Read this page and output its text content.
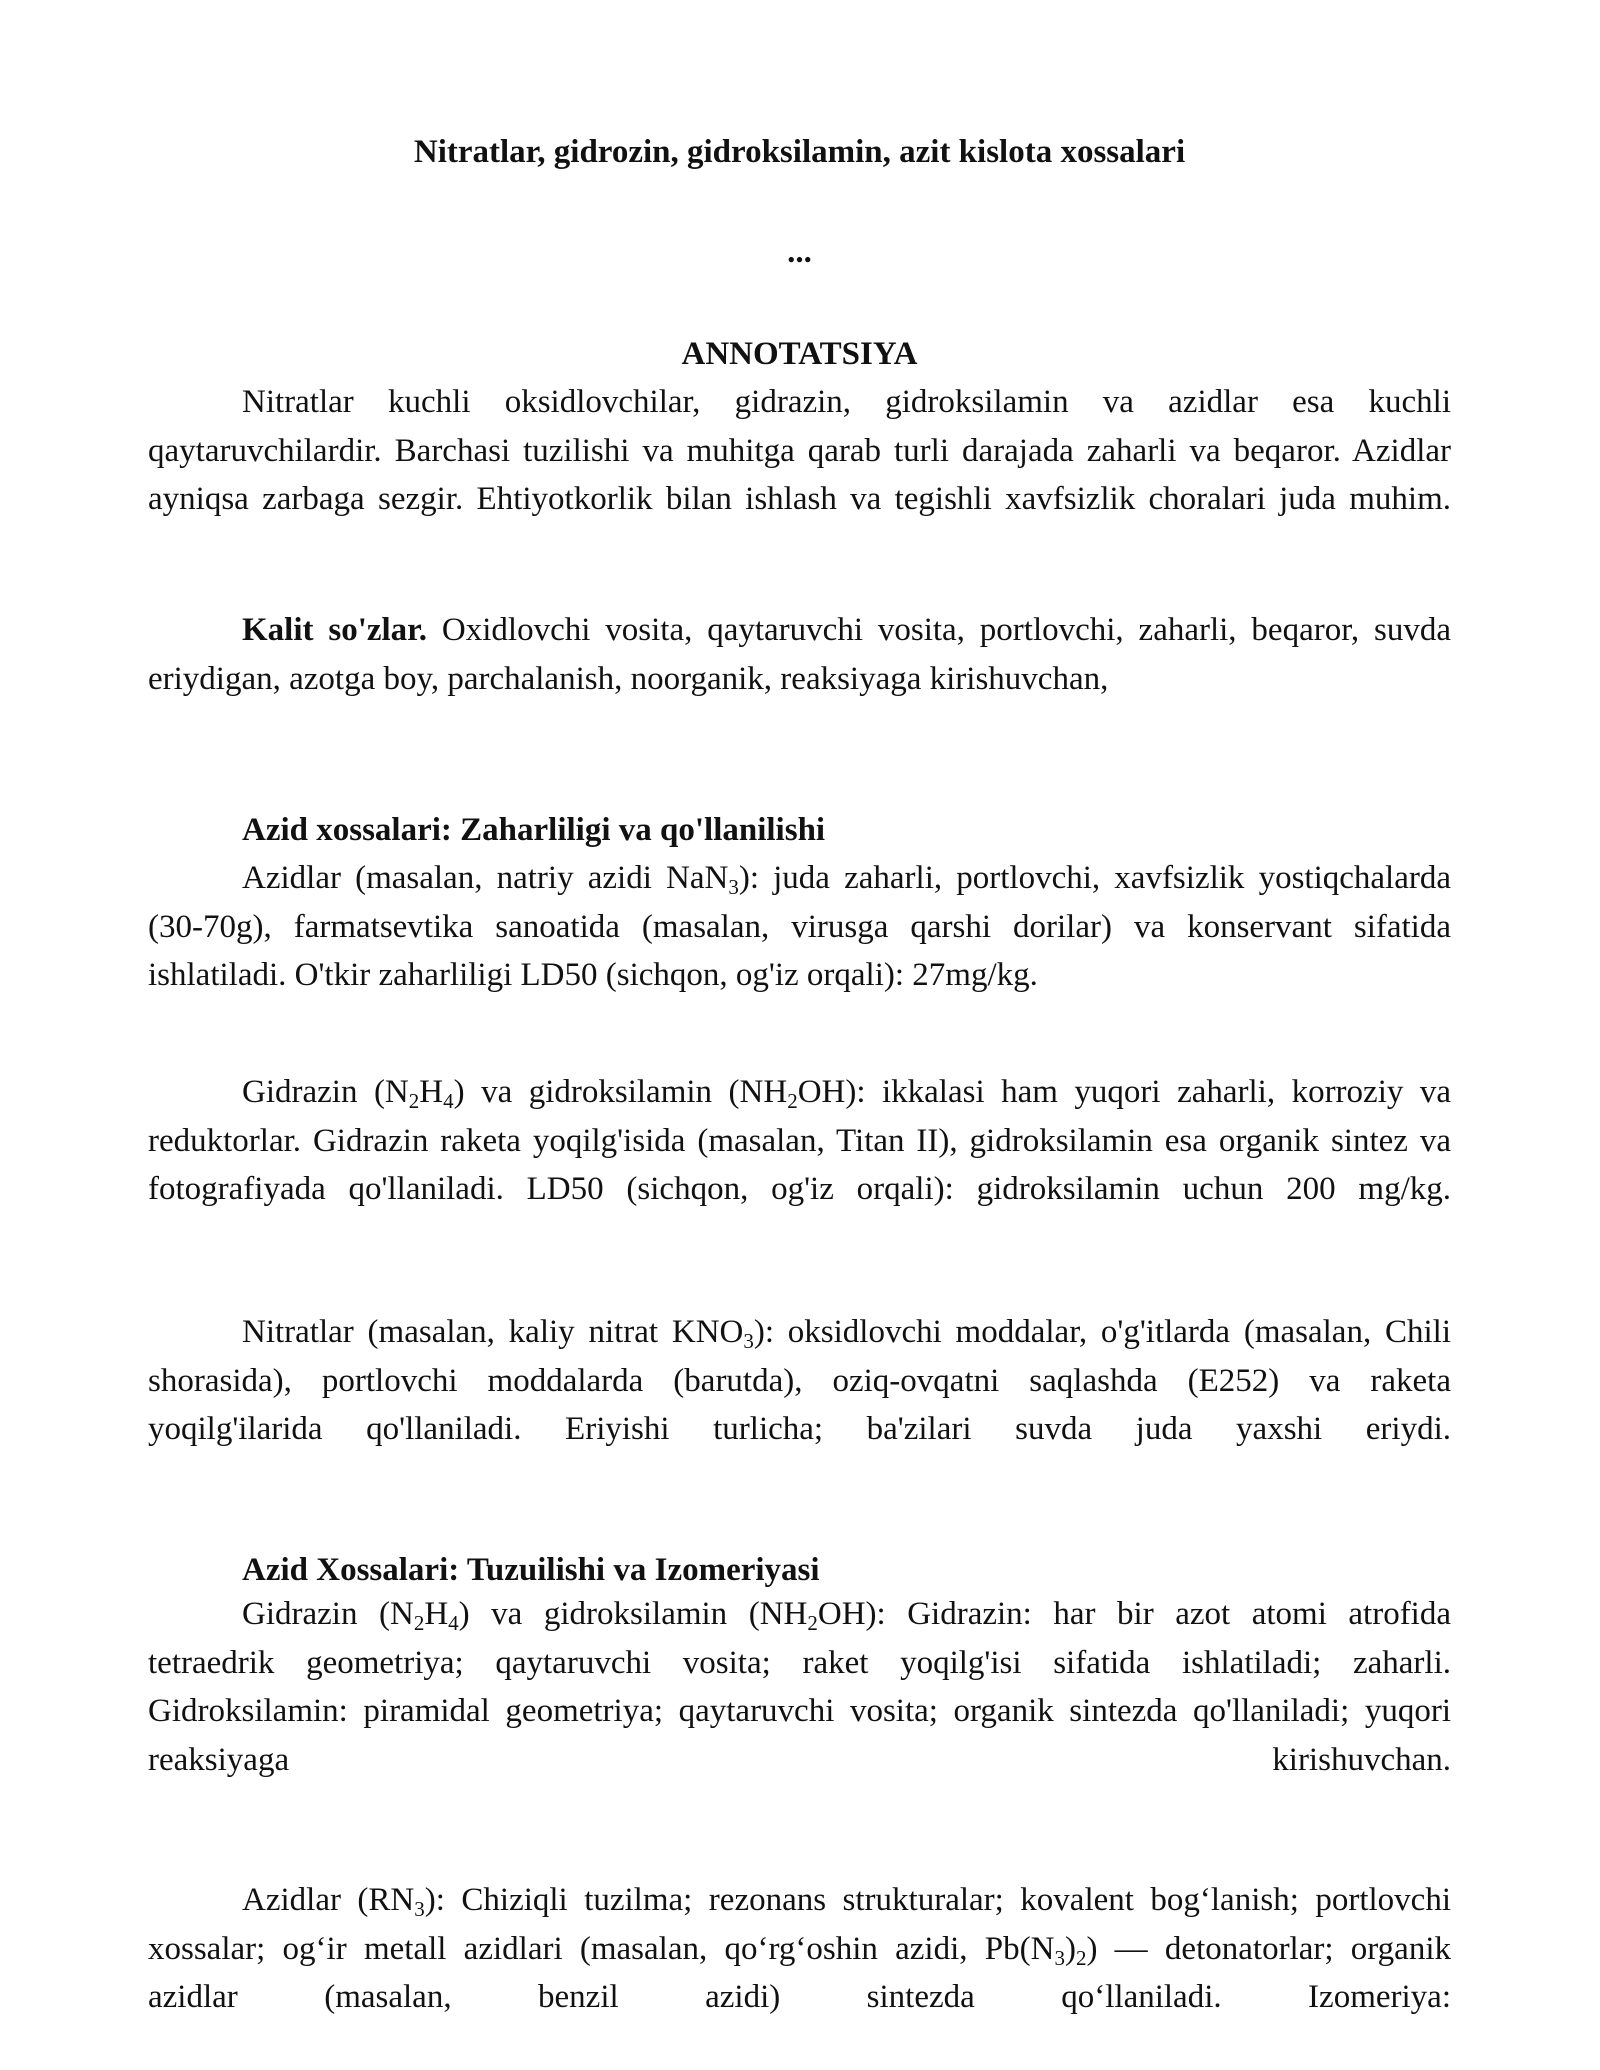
Nitratlar, gidrozin, gidroksilamin, azit kislota xossalari

...

ANNOTATSIYA

Nitratlar kuchli oksidlovchilar, gidrazin, gidroksilamin va azidlar esa kuchli qaytaruvchilardir. Barchasi tuzilishi va muhitga qarab turli darajada zaharli va beqaror. Azidlar ayniqsa zarbaga sezgir. Ehtiyotkorlik bilan ishlash va tegishli xavfsizlik choralari juda muhim.

Kalit so'zlar. Oxidlovchi vosita, qaytaruvchi vosita, portlovchi, zaharli, beqaror, suvda eriydigan, azotga boy, parchalanish, noorganik, reaksiyaga kirishuvchan,

Azid xossalari: Zaharliligi va qo'llanilishi

Azidlar (masalan, natriy azidi NaN$_3$): juda zaharli, portlovchi, xavfsizlik yostiqchalarda (30-70g), farmatsevtika sanoatida (masalan, virusga qarshi dorilar) va konservant sifatida ishlatiladi. O'tkir zaharliligi LD50 (sichqon, og'iz orqali): 27mg/kg.

Gidrazin $(N_2H_4)$ va gidroksilamin $(NH_2OH)$: ikkalasi ham yuqori zaharli, korroziy va reduktorlar. Gidrazin raketa yoqilg'isida (masalan, Titan II), gidroksilamin esa organik sintez va fotografiyada qo'llaniladi. LD50 (sichqon, og'iz orqali): gidroksilamin uchun 200 mg/kg.

Nitratlar (masalan, kaliy nitrat $KNO_3$): oksidlovchi moddalar, o'g'itlarda (masalan, Chili shorasida), portlovchi moddalarda (barutda), oziq-ovqatni saqlashda (E252) va raketa yoqilg'ilarida qo'llaniladi. Eriyishi turlicha; ba'zilari suvda juda yaxshi eriydi.

Azid Xossalari: Tuzuilishi va Izomeriyasi

Gidrazin $(N_2H_4)$ va gidroksilamin $(NH_2OH)$: Gidrazin: har bir azot atomi atrofida tetraedrik geometriya; qaytaruvchi vosita; raket yoqilg'isi sifatida ishlatiladi; zaharli. Gidroksilamin: piramidal geometriya; qaytaruvchi vosita; organik sintezda qo'llaniladi; yuqori reaksiyaga kirishuvchan.

Azidlar $(RN_3)$: Chiziqli tuzilma; rezonans strukturalar; kovalent bog‘lanish; portlovchi xossalar; og‘ir metall azidlari (masalan, qo‘rg‘oshin azidi, $Pb(N_3)_2$) — detonatorlar; organik azidlar (masalan, benzil azidi) sintezda qo‘llaniladi. Izomeriya:
